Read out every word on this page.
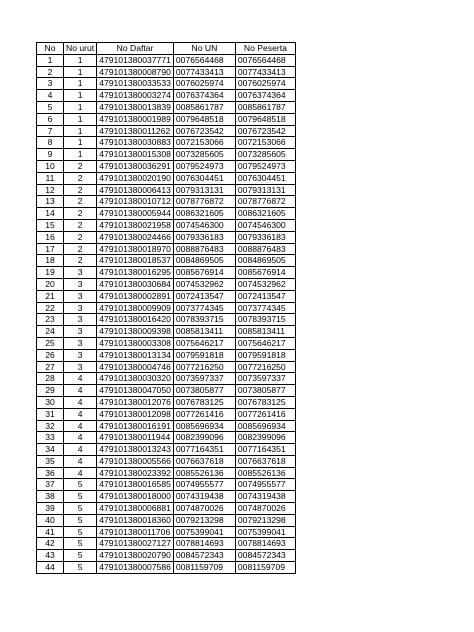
No	No urut	No Daftar	No UN	No Peserta
1	1	479101380037771	0076564468	0076564468
2	1	479101380008790	0077433413	0077433413
3	1	479101380033533	0076025974	0076025974
4	1	479101380003274	0076374364	0076374364
5	1	479101380013839	0085861787	0085861787
6	1	479101380001989	0079648518	0079648518
7	1	479101380011262	0076723542	0076723542
8	1	479101380030883	0072153066	0072153066
9	1	479101380015308	0073285605	0073285605
10	2	479101380036291	0079524973	0079524973
11	2	479101380020190	0076304451	0076304451
12	2	479101380006413	0079313131	0079313131
13	2	479101380010712	0078776872	0078776872
14	2	479101380005944	0086321605	0086321605
15	2	479101380021958	0074546300	0074546300
16	2	479101380024466	0079336183	0079336183
17	2	479101380018970	0088876483	0088876483
18	2	479101380018537	0084869505	0084869505
19	3	479101380016295	0085676914	0085676914
20	3	479101380030684	0074532962	0074532962
21	3	479101380002891	0072413547	0072413547
22	3	479101380009909	0073774345	0073774345
23	3	479101380016420	0078393715	0078393715
24	3	479101380009398	0085813411	0085813411
25	3	479101380003308	0075646217	0075646217
26	3	479101380013134	0079591818	0079591818
27	3	479101380004746	0077216250	0077216250
28	4	479101380030320	0073597337	0073597337
29	4	479101380047050	0073805877	0073805877
30	4	479101380012076	0076783125	0076783125
31	4	479101380012098	0077261416	0077261416
32	4	479101380016191	0085696934	0085696934
33	4	479101380011944	0082399096	0082399096
34	4	479101380013243	0077164351	0077164351
35	4	479101380005566	0076637618	0076637618
36	4	479101380023392	0085526136	0085526136
37	5	479101380016585	0074955577	0074955577
38	5	479101380018000	0074319438	0074319438
39	5	479101380006881	0074870026	0074870026
40	5	479101380018360	0079213298	0079213298
41	5	479101380011706	0075399041	0075399041
42	5	479101380027127	0078814693	0078814693
43	5	479101380020790	0084572343	0084572343
44	5	479101380007586	0081159709	0081159709
